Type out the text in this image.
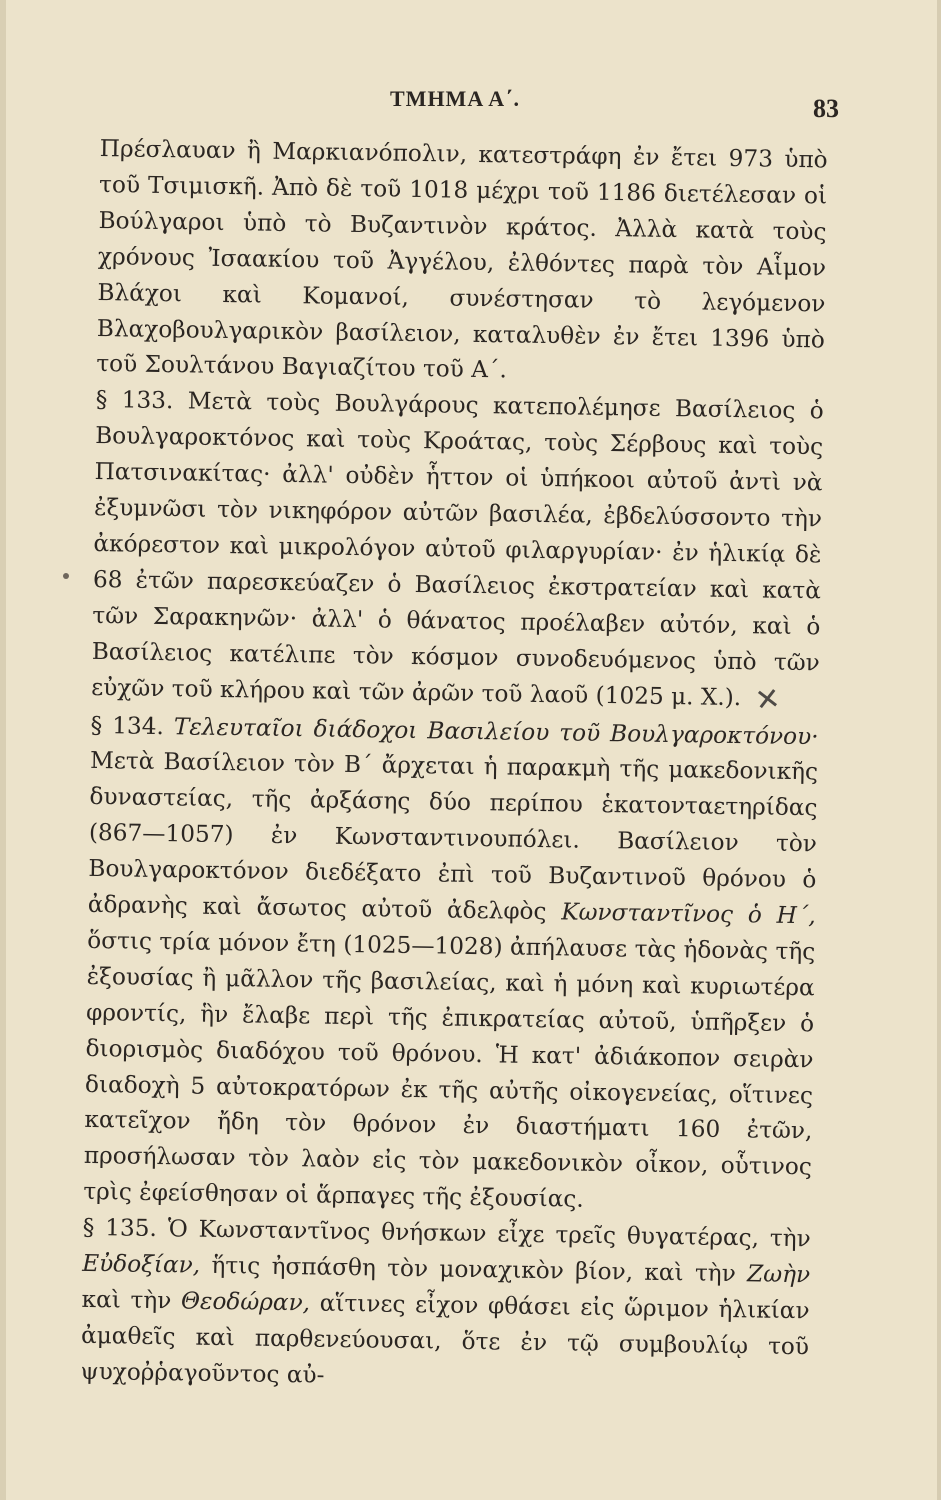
ΤΜΗΜΑ Α΄.	83

Πρέσλαυαν ἢ Μαρκιανόπολιν, κατεστράφη ἐν ἔτει 973 ὑπὸ τοῦ Τσιμισκῆ. Ἀπὸ δὲ τοῦ 1018 μέχρι τοῦ 1186 διετέλεσαν οἱ Βούλγαροι ὑπὸ τὸ Βυζαντινὸν κράτος. Ἀλλὰ κατὰ τοὺς χρόνους Ἰσαακίου τοῦ Ἀγγέλου, ἐλθόντες παρὰ τὸν Αἷμον Βλάχοι καὶ Κομανοί, συνέστησαν τὸ λεγόμενον Βλαχοβουλγαρικὸν βασίλειον, καταλυθὲν ἐν ἔτει 1396 ὑπὸ τοῦ Σουλτάνου Βαγιαζίτου τοῦ Α΄.

§ 133. Μετὰ τοὺς Βουλγάρους κατεπολέμησε Βασίλειος ὁ Βουλγαροκτόνος καὶ τοὺς Κροάτας, τοὺς Σέρβους καὶ τοὺς Πατσινακίτας· ἀλλ' οὐδὲν ἧττον οἱ ὑπήκοοι αὐτοῦ ἀντὶ νὰ ἐξυμνῶσι τὸν νικηφόρον αὐτῶν βασιλέα, ἐβδελύσσοντο τὴν ἀκόρεστον καὶ μικρολόγον αὐτοῦ φιλαργυρίαν· ἐν ἡλικίᾳ δὲ 68 ἐτῶν παρεσκεύαζεν ὁ Βασίλειος ἐκστρατείαν καὶ κατὰ τῶν Σαρακηνῶν· ἀλλ' ὁ θάνατος προέλαβεν αὐτόν, καὶ ὁ Βασίλειος κατέλιπε τὸν κόσμον συνοδευόμενος ὑπὸ τῶν εὐχῶν τοῦ κλήρου καὶ τῶν ἀρῶν τοῦ λαοῦ (1025 μ. Χ.). ✕

§ 134. Τελευταῖοι διάδοχοι Βασιλείου τοῦ Βουλγαροκτόνου· Μετὰ Βασίλειον τὸν Β΄ ἄρχεται ἡ παρακμὴ τῆς μακεδονικῆς δυναστείας, τῆς ἀρξάσης δύο περίπου ἑκατονταετηρίδας (867—1057) ἐν Κωνσταντινουπόλει. Βασίλειον τὸν Βουλγαροκτόνον διεδέξατο ἐπὶ τοῦ Βυζαντινοῦ θρόνου ὁ ἀδρανὴς καὶ ἄσωτος αὐτοῦ ἀδελφὸς Κωνσταντῖνος ὁ Η΄, ὅστις τρία μόνον ἔτη (1025—1028) ἀπήλαυσε τὰς ἡδονὰς τῆς ἐξουσίας ἢ μᾶλλον τῆς βασιλείας, καὶ ἡ μόνη καὶ κυριωτέρα φροντίς, ἣν ἔλαβε περὶ τῆς ἐπικρατείας αὐτοῦ, ὑπῆρξεν ὁ διορισμὸς διαδόχου τοῦ θρόνου. Ἡ κατ' ἀδιάκοπον σειρὰν διαδοχὴ 5 αὐτοκρατόρων ἐκ τῆς αὐτῆς οἰκογενείας, οἵτινες κατεῖχον ἤδη τὸν θρόνον ἐν διαστήματι 160 ἐτῶν, προσήλωσαν τὸν λαὸν εἰς τὸν μακεδονικὸν οἶκον, οὗτινος τρὶς ἐφείσθησαν οἱ ἅρπαγες τῆς ἐξουσίας.

§ 135. Ὁ Κωνσταντῖνος θνήσκων εἶχε τρεῖς θυγατέρας, τὴν Εὐδοξίαν, ἥτις ἠσπάσθη τὸν μοναχικὸν βίον, καὶ τὴν Ζωὴν καὶ τὴν Θεοδώραν, αἵτινες εἶχον φθάσει εἰς ὥριμον ἡλικίαν ἀμαθεῖς καὶ παρθενεύουσαι, ὅτε ἐν τῷ συμβουλίῳ τοῦ ψυχοῤῥαγοῦντος αὐ-
